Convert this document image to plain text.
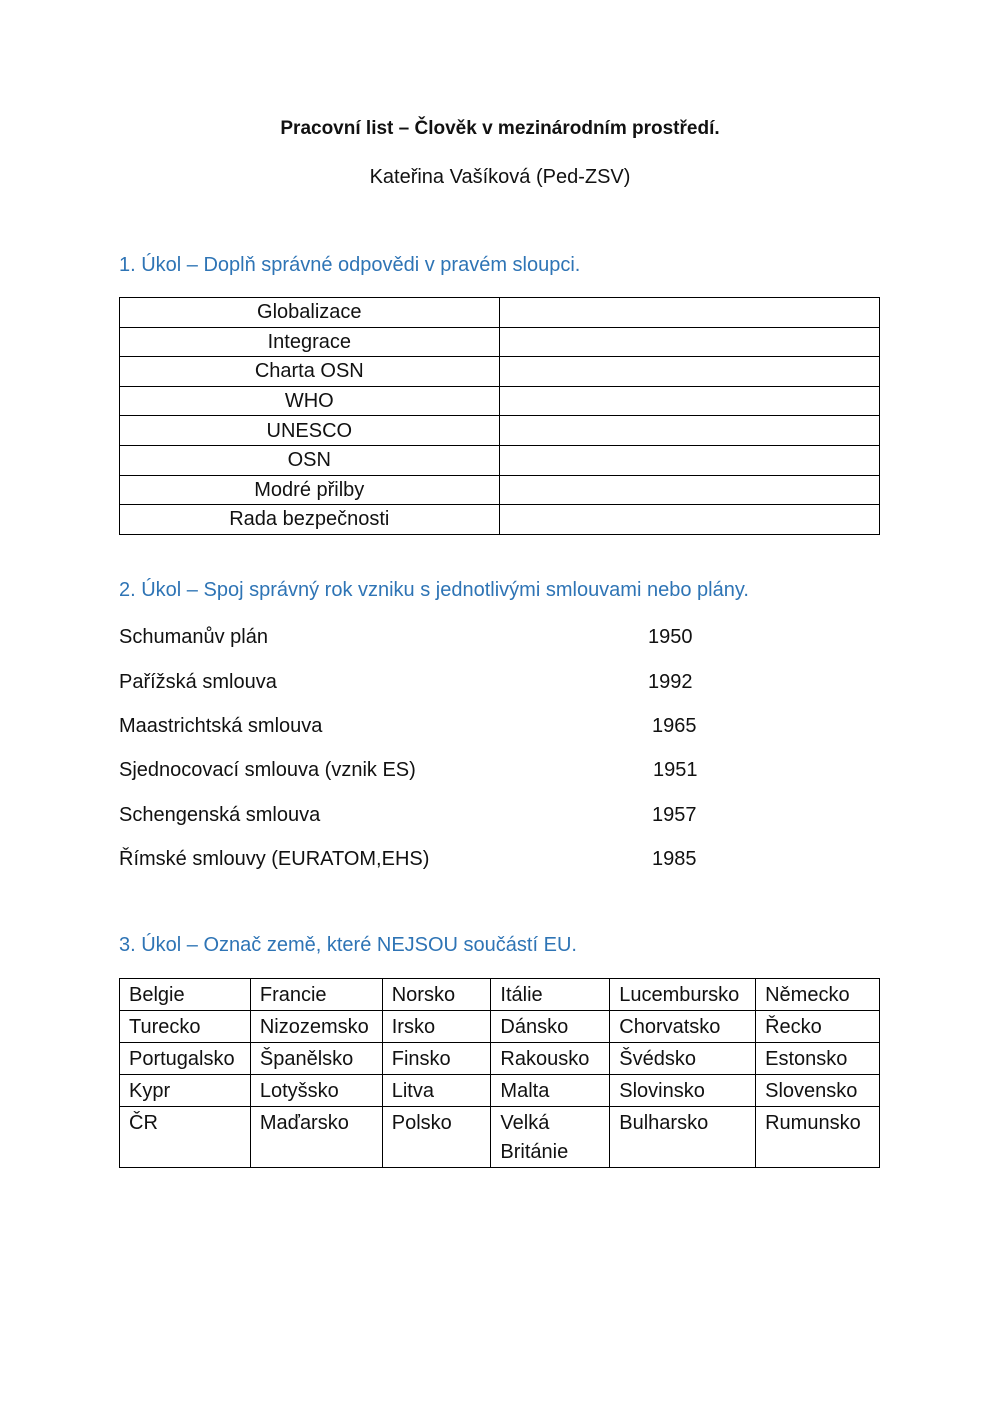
Pracovní list – Člověk v mezinárodním prostředí.
Kateřina Vašíková (Ped-ZSV)
1. Úkol – Doplň správné odpovědi v pravém sloupci.
Globalizace	
Integrace	
Charta OSN	
WHO	
UNESCO	
OSN	
Modré přilby	
Rada bezpečnosti	
2. Úkol – Spoj správný rok vzniku s jednotlivými smlouvami nebo plány.
Schumanův plán	1950
Pařížská smlouva	1992
Maastrichtská smlouva	1965
Sjednocovací smlouva (vznik ES)	1951
Schengenská smlouva	1957
Římské smlouvy (EURATOM,EHS)	1985
3. Úkol – Označ země, které NEJSOU součástí EU.
Belgie	Francie	Norsko	Itálie	Lucembursko	Německo
Turecko	Nizozemsko	Irsko	Dánsko	Chorvatsko	Řecko
Portugalsko	Španělsko	Finsko	Rakousko	Švédsko	Estonsko
Kypr	Lotyšsko	Litva	Malta	Slovinsko	Slovensko
ČR	Maďarsko	Polsko	Velká Británie	Bulharsko	Rumunsko
